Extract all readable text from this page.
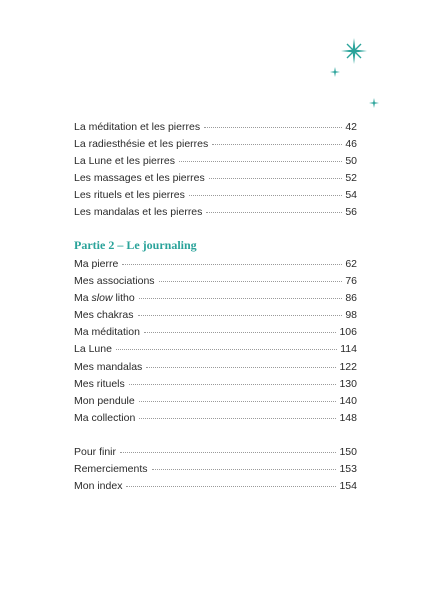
La méditation et les pierres	42
La radiesthésie et les pierres	46
La Lune et les pierres	50
Les massages et les pierres	52
Les rituels et les pierres	54
Les mandalas et les pierres	56
Partie 2 – Le journaling
Ma pierre	62
Mes associations	76
Ma slow litho	86
Mes chakras	98
Ma méditation	106
La Lune	114
Mes mandalas	122
Mes rituels	130
Mon pendule	140
Ma collection	148
Pour finir	150
Remerciements	153
Mon index	154
